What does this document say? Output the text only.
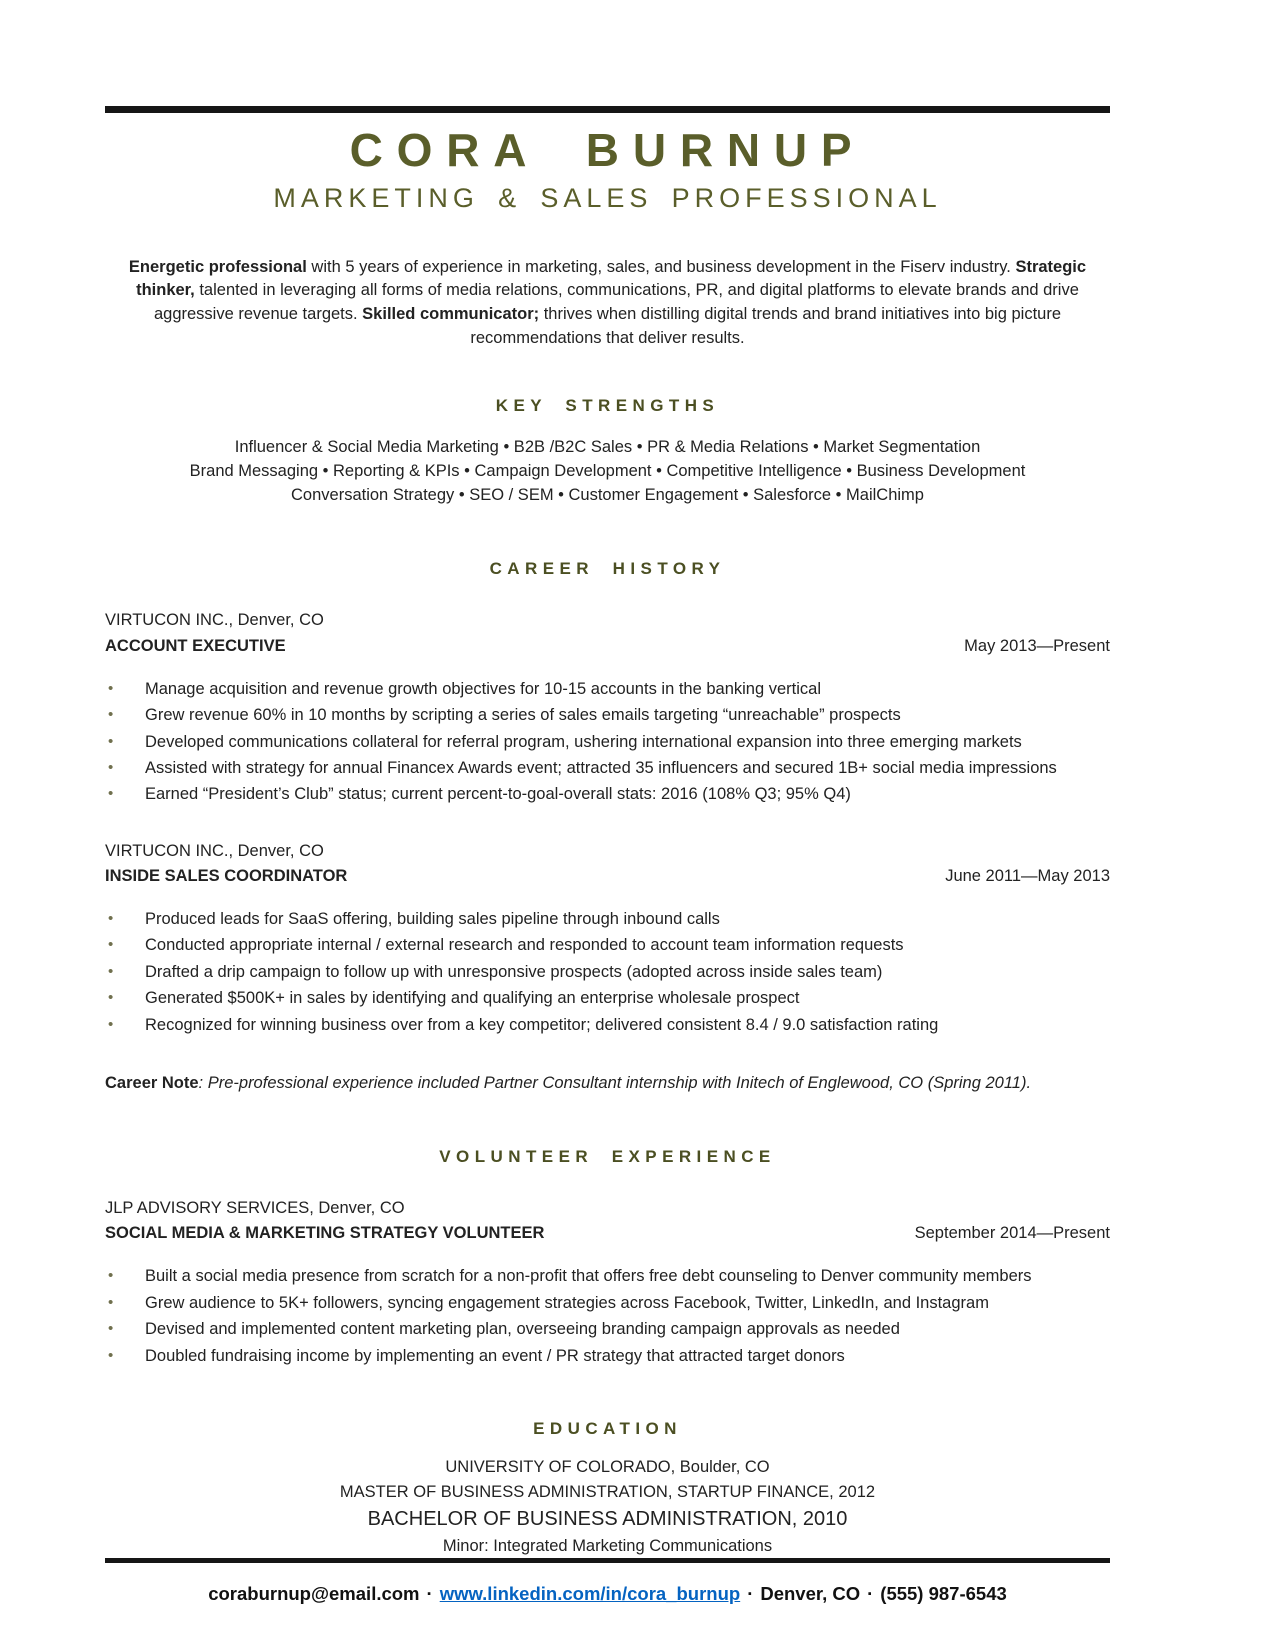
CORA BURNUP
MARKETING & SALES PROFESSIONAL

Energetic professional with 5 years of experience in marketing, sales, and business development in the Fiserv industry. Strategic thinker, talented in leveraging all forms of media relations, communications, PR, and digital platforms to elevate brands and drive aggressive revenue targets. Skilled communicator; thrives when distilling digital trends and brand initiatives into big picture recommendations that deliver results.

KEY STRENGTHS
Influencer & Social Media Marketing • B2B /B2C Sales • PR & Media Relations • Market Segmentation
Brand Messaging • Reporting & KPIs • Campaign Development • Competitive Intelligence • Business Development
Conversation Strategy • SEO / SEM • Customer Engagement • Salesforce • MailChimp
CAREER HISTORY
VIRTUCON INC., Denver, CO
ACCOUNT EXECUTIVE	May 2013—Present
• Manage acquisition and revenue growth objectives for 10-15 accounts in the banking vertical
• Grew revenue 60% in 10 months by scripting a series of sales emails targeting “unreachable” prospects
• Developed communications collateral for referral program, ushering international expansion into three emerging markets
• Assisted with strategy for annual Financex Awards event; attracted 35 influencers and secured 1B+ social media impressions
• Earned “President’s Club” status; current percent-to-goal-overall stats: 2016 (108% Q3; 95% Q4)
VIRTUCON INC., Denver, CO
INSIDE SALES COORDINATOR	June 2011—May 2013
• Produced leads for SaaS offering, building sales pipeline through inbound calls
• Conducted appropriate internal / external research and responded to account team information requests
• Drafted a drip campaign to follow up with unresponsive prospects (adopted across inside sales team)
• Generated $500K+ in sales by identifying and qualifying an enterprise wholesale prospect
• Recognized for winning business over from a key competitor; delivered consistent 8.4 / 9.0 satisfaction rating
Career Note: Pre-professional experience included Partner Consultant internship with Initech of Englewood, CO (Spring 2011).
VOLUNTEER EXPERIENCE
JLP ADVISORY SERVICES, Denver, CO
SOCIAL MEDIA & MARKETING STRATEGY VOLUNTEER	September 2014—Present
• Built a social media presence from scratch for a non-profit that offers free debt counseling to Denver community members
• Grew audience to 5K+ followers, syncing engagement strategies across Facebook, Twitter, LinkedIn, and Instagram
• Devised and implemented content marketing plan, overseeing branding campaign approvals as needed
• Doubled fundraising income by implementing an event / PR strategy that attracted target donors
EDUCATION
UNIVERSITY OF COLORADO, Boulder, CO
MASTER OF BUSINESS ADMINISTRATION, STARTUP FINANCE, 2012
BACHELOR OF BUSINESS ADMINISTRATION, 2010
Minor: Integrated Marketing Communications
coraburnup@email.com · www.linkedin.com/in/cora_burnup · Denver, CO · (555) 987-6543
